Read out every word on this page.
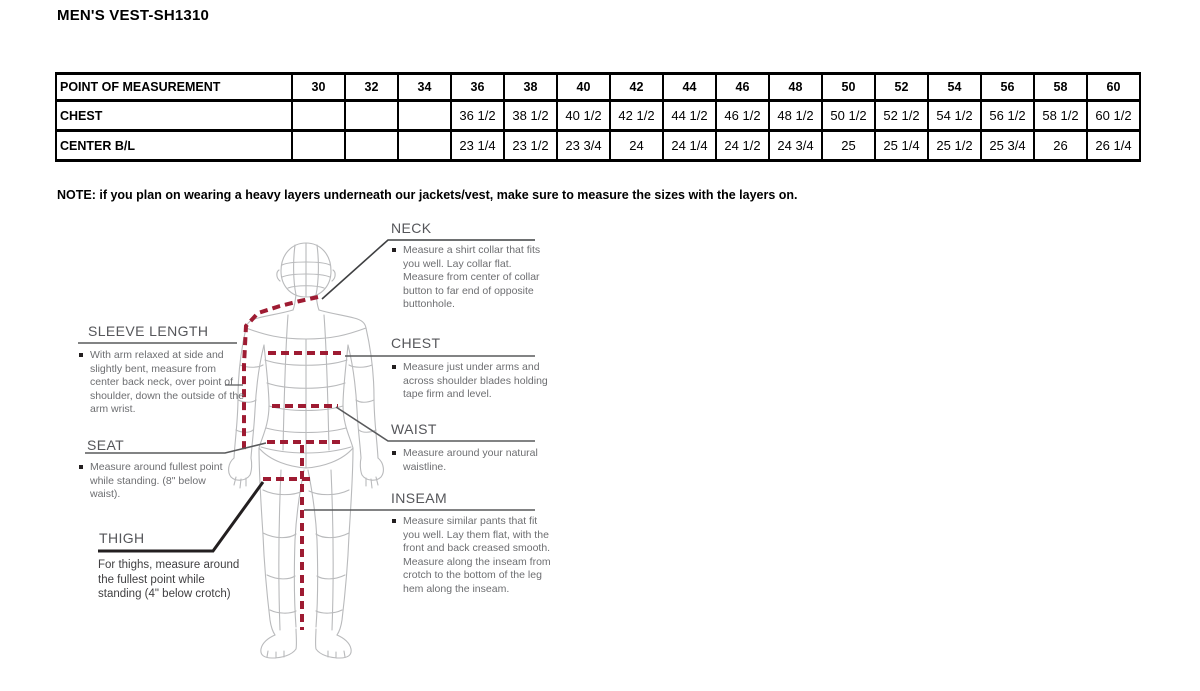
MEN'S VEST-SH1310
POINT OF MEASUREMENT	30	32	34	36	38	40	42	44	46	48	50	52	54	56	58	60
CHEST				36 1/2	38 1/2	40 1/2	42 1/2	44 1/2	46 1/2	48 1/2	50 1/2	52 1/2	54 1/2	56 1/2	58 1/2	60 1/2
CENTER B/L				23 1/4	23 1/2	23 3/4	24	24 1/4	24 1/2	24 3/4	25	25 1/4	25 1/2	25 3/4	26	26 1/4
NOTE: if you plan on wearing a heavy layers underneath our jackets/vest, make sure to measure the sizes with the layers on.
NECK
Measure a shirt collar that fits you well. Lay collar flat. Measure from center of collar button to far end of opposite buttonhole.
SLEEVE LENGTH
With arm relaxed at side and slightly bent, measure from center back neck, over point of shoulder, down the outside of the arm wrist.
CHEST
Measure just under arms and across shoulder blades holding tape firm and level.
WAIST
Measure around your natural waistline.
SEAT
Measure around fullest point while standing. (8" below waist).	INSEAM
Measure similar pants that fit you well. Lay them flat, with the front and back creased smooth. Measure along the inseam from crotch to the bottom of the leg hem along the inseam.
THIGH
For thighs, measure around the fullest point while standing (4" below crotch)
